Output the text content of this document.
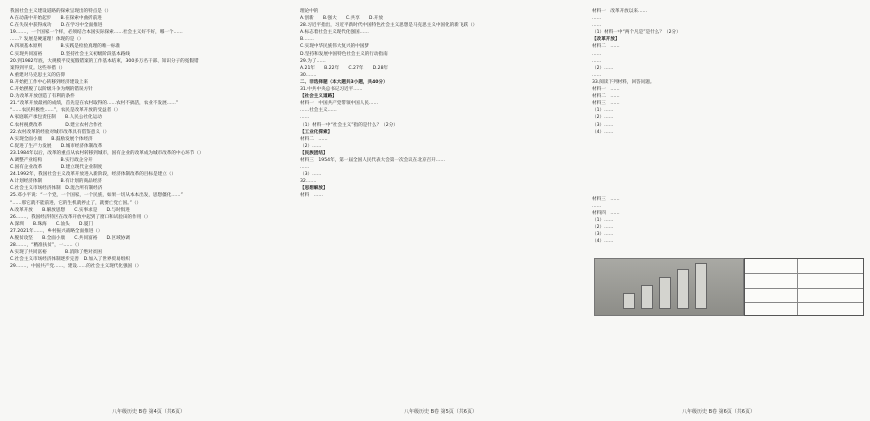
我国社会主义建设道路的探索呈现出的特点是（）

A.在动荡中开始起步　　B.在探索中曲折前进

C.在失误中获得成功　　D.在学习中全面推进

19.……，一个国家一个样，必须结合本国实际探索……社会主义好不好，哪一个……

……？发展是硬道理！体现的是（）

A.四项基本原则　　　　B.实践是检验真理的唯一标准

C.实现共同富裕　　　　D.坚持社会主义初级阶段基本路线

20.到1982年底，大规模平反冤假错案的工作基本结束，300多万名干部、知识分子的冤假错

案得到平反。这些举措（）

A.重建对马克思主义的信仰

B.开始把工作中心转移到经济建设上来

C.开始摆脱了以阶级斗争为纲的错误方针

D.为改革开放创造了有利的条件

21.“改革开放最初的成绩，首先是在农村取得的……农村不搞活，农业不发展……”

“……农民积极性……”，农民是改革开放的受益者（）

A.家庭联产承包责任制　　B.人民公社化运动

C.农村税费改革　　　　　D.建立农村合作社

22.农村改革的经验对城市改革具有借鉴意义（）

A.实现全面小康　　B.鼓励发展个体经济

C.促进了生产力发展　　D.城市经济体制改革

23.1984年以后，改革的重点从农村转移到城市，国有企业的改革成为城市改革的中心环节（）

A.调整产业结构　　　　B.实行政企分开

C.国有企业改革　　　　D.建立现代企业制度

24.1992年，我国社会主义改革开放进入新阶段，经济体制改革的目标是建立（）

A.计划经济体制　　　　B.有计划的商品经济

C.社会主义市场经济体制　D.混合所有制经济

25.邓小平说：“一个党，一个国家，一个民族，如果一切从本本出发，思想僵化……”

“……那它就不能前进，它的生机就停止了，就要亡党亡国。”（）

A.改革开放　　B.解放思想　　C.实事求是　　D.与时俱进

26.……，我国经济特区在改革开放中起到了窗口和试验田的作用（）

A.深圳　　B.珠海　　C.汕头　　D.厦门

27.2021年……，乡村振兴战略全面推进（）

A.脱贫攻坚　　B.全面小康　　C.共同富裕　　D.区域协调

28.……，“精准扶贫”，一……（）

A.实现了共同富裕　　　　B.消除了绝对贫困

C.社会主义市场经济体制逐步完善　D.加入了世界贸易组织

29.……，中国共产党……，建设……的社会主义现代化强国（）

理论中的

A.创新　　B.强大　　C.共享　　D.开放

28.习近平指出，习近平新时代中国特色社会主义思想是马克思主义中国化的新飞跃（）

A.标志着社会主义现代化强国……

B.……

C.实现中华民族伟大复兴的中国梦

D.坚持和发展中国特色社会主义的行动指南

29.为了……

A.21年　　B.22年　　C.27年　　D.28年

30.……

二、非选择题（本大题共3小题，共40分）

31.中共中央总书记习近平……

【社会主义道路】

材料一　中国共产党带领中国人民……

……社会主义……

……

（1）材料一中“社会主义”指的是什么？（2分）

【工业化探索】

材料二　……

（2）……

【民族团结】

材料三　1954年，第一届全国人民代表大会第一次会议在北京召开……

……

（3）……

32.……

【思想解放】

材料　……

材料一　改革开放以来……

……

……

（1）材料一中“两个凡是”是什么？（2分）

【改革开放】

材料二　……

……

……

（2）……

……

33.阅读下列材料，回答问题。

材料一　……

材料二　……

材料三　……

（1）……

（2）……

（3）……

（4）……

材料三　……

……

材料四　……

（1）……

（2）……

（3）……

（4）……

八年级历史 B卷 第4页（共6页）	八年级历史 B卷 第5页（共6页）	八年级历史 B卷 第6页（共6页）
